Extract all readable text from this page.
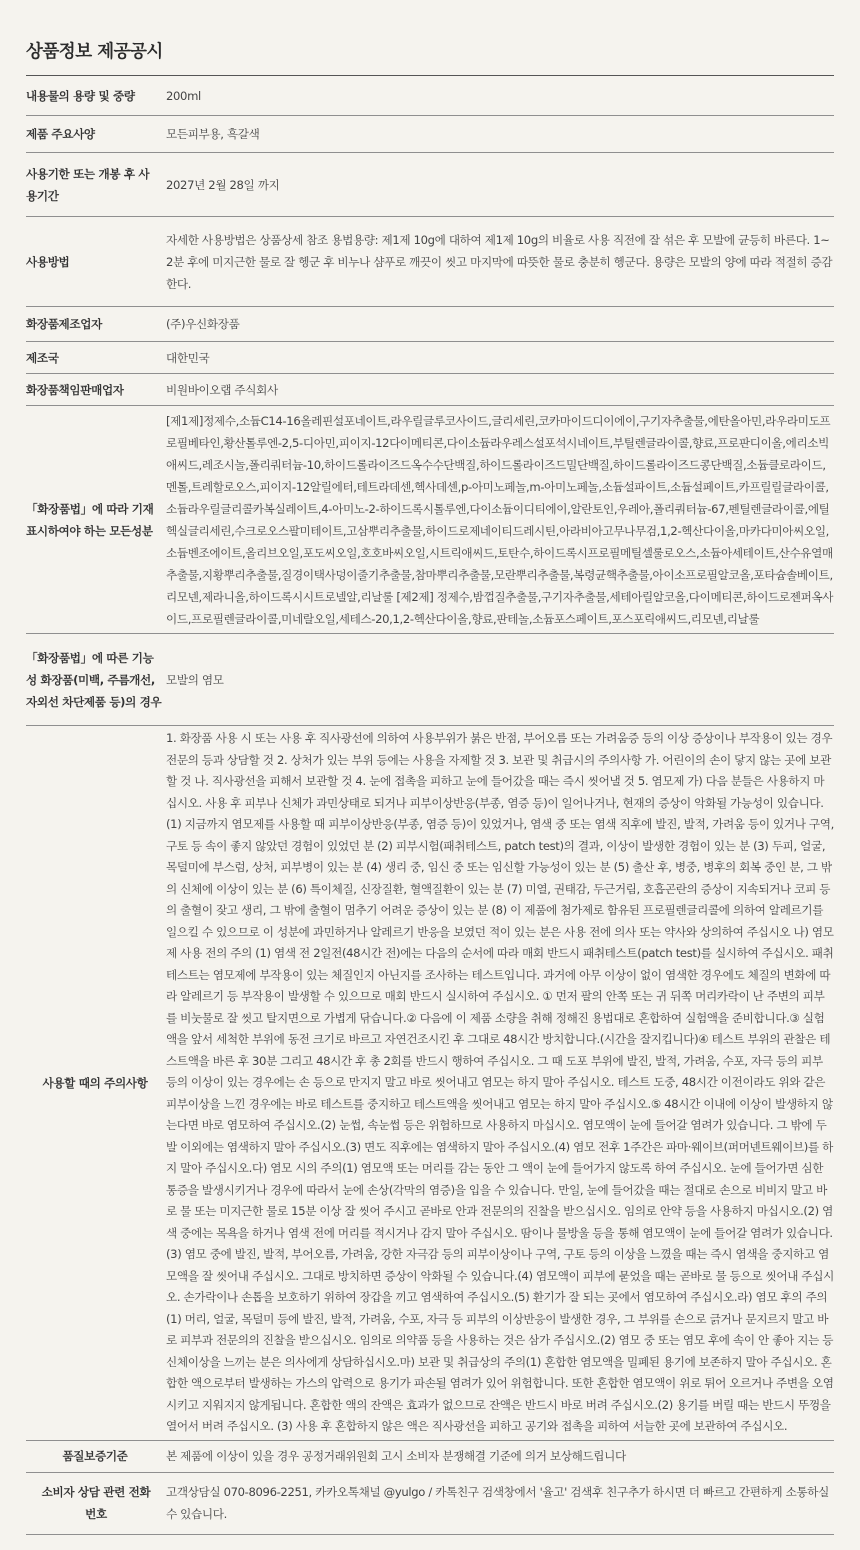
상품정보 제공공시
내용물의 용량 및 중량	200ml
제품 주요사양	모든피부용, 흑갈색
사용기한 또는 개봉 후 사용기간	2027년 2월 28일 까지
사용방법	자세한 사용방법은 상품상세 참조 용법용량: 제1제 10g에 대하여 제1제 10g의 비율로 사용 직전에 잘 섞은 후 모발에 균등히 바른다. 1~2분 후에 미지근한 물로 잘 헹군 후 비누나 샴푸로 깨끗이 씻고 마지막에 따뜻한 물로 충분히 헹군다. 용량은 모발의 양에 따라 적절히 증감한다.
화장품제조업자	(주)우신화장품
제조국	대한민국
화장품책임판매업자	비원바이오랩 주식회사
「화장품법」에 따라 기재 표시하여야 하는 모든성분	[제1제]정제수,소듐C14-16올레핀설포네이트,라우릴글루코사이드,글리세린,코카마이드디이에이,구기자추출물,에탄올아민,라우라미도프로필베타인,황산톨루엔-2,5-디아민,피이지-12다이메티콘,다이소듐라우레스설포석시네이트,부틸렌글라이콜,향료,프로판디이올,에리소빅애씨드,레조시놀,폴리쿼터늄-10,하이드롤라이즈드옥수수단백질,하이드롤라이즈드밀단백질,하이드롤라이즈드콩단백질,소듐클로라이드,멘톨,트레할로오스,피이지-12알릴에터,테트라데센,헥사데센,p-아미노페놀,m-아미노페놀,소듐설파이트,소듐설페이트,카프릴릴글라이콜,소듐라우릴글리콜카복실레이트,4-아미노-2-하이드록시톨루엔,다이소듐이디티에이,알란토인,우레아,폴리쿼터늄-67,펜틸렌글라이콜,에틸헥실글리세린,수크로오스팔미테이트,고삼뿌리추출물,하이드로제네이티드레시틴,아라비아고무나무검,1,2-헥산다이올,마카다미아씨오일,소듐벤조에이트,올리브오일,포도씨오일,호호바씨오일,시트릭애씨드,토탄수,하이드록시프로필메틸셀룰로오스,소듐아세테이트,산수유열매추출물,지황뿌리추출물,질경이택사덩이줄기추출물,참마뿌리추출물,모란뿌리추출물,복령균핵추출물,아이소프로필알코올,포타슘솔베이트,리모넨,제라니올,하이드록시시트로넬알,리날룰 [제2제] 정제수,밤껍질추출물,구기자추출물,세테아릴알코올,다이메티콘,하이드로젠퍼옥사이드,프로필렌글라이콜,미네랄오일,세테스-20,1,2-헥산다이올,향료,판테놀,소듐포스페이트,포스포릭애씨드,리모넨,리날룰
「화장품법」에 따른 기능성 화장품(미백, 주름개선, 자외선 차단제품 등)의 경우	모발의 염모
사용할 때의 주의사항	1. 화장품 사용 시 또는 사용 후 직사광선에 의하여 사용부위가 붉은 반점, 부어오름 또는 가려움증 등의 이상 증상이나 부작용이 있는 경우 전문의 등과 상담할 것 2. 상처가 있는 부위 등에는 사용을 자제할 것 3. 보관 및 취급시의 주의사항 가. 어린이의 손이 닿지 않는 곳에 보관할 것 나. 직사광선을 피해서 보관할 것 4. 눈에 접촉을 피하고 눈에 들어갔을 때는 즉시 씻어낼 것 5. 염모제 가) 다음 분들은 사용하지 마십시오. 사용 후 피부나 신체가 과민상태로 되거나 피부이상반응(부종, 염증 등)이 일어나거나, 현재의 증상이 악화될 가능성이 있습니다. (1) 지금까지 염모제를 사용할 때 피부이상반응(부종, 염증 등)이 있었거나, 염색 중 또는 염색 직후에 발진, 발적, 가려움 등이 있거나 구역, 구토 등 속이 좋지 않았던 경험이 있었던 분 (2) 피부시험(패취테스트, patch test)의 결과, 이상이 발생한 경험이 있는 분 (3) 두피, 얼굴, 목덜미에 부스럼, 상처, 피부병이 있는 분 (4) 생리 중, 임신 중 또는 임신할 가능성이 있는 분 (5) 출산 후, 병중, 병후의 회복 중인 분, 그 밖의 신체에 이상이 있는 분 (6) 특이체질, 신장질환, 혈액질환이 있는 분 (7) 미열, 권태감, 두근거림, 호흡곤란의 증상이 지속되거나 코피 등의 출혈이 잦고 생리, 그 밖에 출혈이 멈추기 어려운 증상이 있는 분 (8) 이 제품에 첨가제로 함유된 프로필렌글리콜에 의하여 알레르기를 일으킬 수 있으므로 이 성분에 과민하거나 알레르기 반응을 보였던 적이 있는 분은 사용 전에 의사 또는 약사와 상의하여 주십시오 나) 염모제 사용 전의 주의 (1) 염색 전 2일전(48시간 전)에는 다음의 순서에 따라 매회 반드시 패취테스트(patch test)를 실시하여 주십시오. 패취테스트는 염모제에 부작용이 있는 체질인지 아닌지를 조사하는 테스트입니다. 과거에 아무 이상이 없이 염색한 경우에도 체질의 변화에 따라 알레르기 등 부작용이 발생할 수 있으므로 매회 반드시 실시하여 주십시오. ① 먼저 팔의 안쪽 또는 귀 뒤쪽 머리카락이 난 주변의 피부를 비눗물로 잘 씻고 탈지면으로 가볍게 닦습니다.② 다음에 이 제품 소량을 취해 정해진 용법대로 혼합하여 실험액을 준비합니다.③ 실험액을 앞서 세척한 부위에 동전 크기로 바르고 자연건조시킨 후 그대로 48시간 방치합니다.(시간을 잘지킵니다)④ 테스트 부위의 관찰은 테스트액을 바른 후 30분 그리고 48시간 후 총 2회를 반드시 행하여 주십시오. 그 때 도포 부위에 발진, 발적, 가려움, 수포, 자극 등의 피부 등의 이상이 있는 경우에는 손 등으로 만지지 말고 바로 씻어내고 염모는 하지 말아 주십시오. 테스트 도중, 48시간 이전이라도 위와 같은 피부이상을 느낀 경우에는 바로 테스트를 중지하고 테스트액을 씻어내고 염모는 하지 말아 주십시오.⑤ 48시간 이내에 이상이 발생하지 않는다면 바로 염모하여 주십시오.(2) 눈썹, 속눈썹 등은 위험하므로 사용하지 마십시오. 염모액이 눈에 들어갈 염려가 있습니다. 그 밖에 두발 이외에는 염색하지 말아 주십시오.(3) 면도 직후에는 염색하지 말아 주십시오.(4) 염모 전후 1주간은 파마·웨이브(퍼머넨트웨이브)를 하지 말아 주십시오.다) 염모 시의 주의(1) 염모액 또는 머리를 감는 동안 그 액이 눈에 들어가지 않도록 하여 주십시오. 눈에 들어가면 심한 통증을 발생시키거나 경우에 따라서 눈에 손상(각막의 염증)을 입을 수 있습니다. 만일, 눈에 들어갔을 때는 절대로 손으로 비비지 말고 바로 물 또는 미지근한 물로 15분 이상 잘 씻어 주시고 곧바로 안과 전문의의 진찰을 받으십시오. 임의로 안약 등을 사용하지 마십시오.(2) 염색 중에는 목욕을 하거나 염색 전에 머리를 적시거나 감지 말아 주십시오. 땀이나 물방울 등을 통해 염모액이 눈에 들어갈 염려가 있습니다.(3) 염모 중에 발진, 발적, 부어오름, 가려움, 강한 자극감 등의 피부이상이나 구역, 구토 등의 이상을 느꼈을 때는 즉시 염색을 중지하고 염모액을 잘 씻어내 주십시오. 그대로 방치하면 증상이 악화될 수 있습니다.(4) 염모액이 피부에 묻었을 때는 곧바로 물 등으로 씻어내 주십시오. 손가락이나 손톱을 보호하기 위하여 장갑을 끼고 염색하여 주십시오.(5) 환기가 잘 되는 곳에서 염모하여 주십시오.라) 염모 후의 주의 (1) 머리, 얼굴, 목덜미 등에 발진, 발적, 가려움, 수포, 자극 등 피부의 이상반응이 발생한 경우, 그 부위를 손으로 긁거나 문지르지 말고 바로 피부과 전문의의 진찰을 받으십시오. 임의로 의약품 등을 사용하는 것은 삼가 주십시오.(2) 염모 중 또는 염모 후에 속이 안 좋아 지는 등 신체이상을 느끼는 분은 의사에게 상담하십시오.마) 보관 및 취급상의 주의(1) 혼합한 염모액을 밀폐된 용기에 보존하지 말아 주십시오. 혼합한 액으로부터 발생하는 가스의 압력으로 용기가 파손될 염려가 있어 위험합니다. 또한 혼합한 염모액이 위로 튀어 오르거나 주변을 오염시키고 지워지지 않게됩니다. 혼합한 액의 잔액은 효과가 없으므로 잔액은 반드시 바로 버려 주십시오.(2) 용기를 버릴 때는 반드시 뚜껑을 열어서 버려 주십시오. (3) 사용 후 혼합하지 않은 액은 직사광선을 피하고 공기와 접촉을 피하여 서늘한 곳에 보관하여 주십시오.
품질보증기준	본 제품에 이상이 있을 경우 공정거래위원회 고시 소비자 분쟁해결 기준에 의거 보상해드립니다
소비자 상담 관련 전화번호	고객상담실 070-8096-2251, 카카오톡채널 @yulgo / 카톡친구 검색창에서 '율고' 검색후 친구추가 하시면 더 빠르고 간편하게 소통하실 수 있습니다.
